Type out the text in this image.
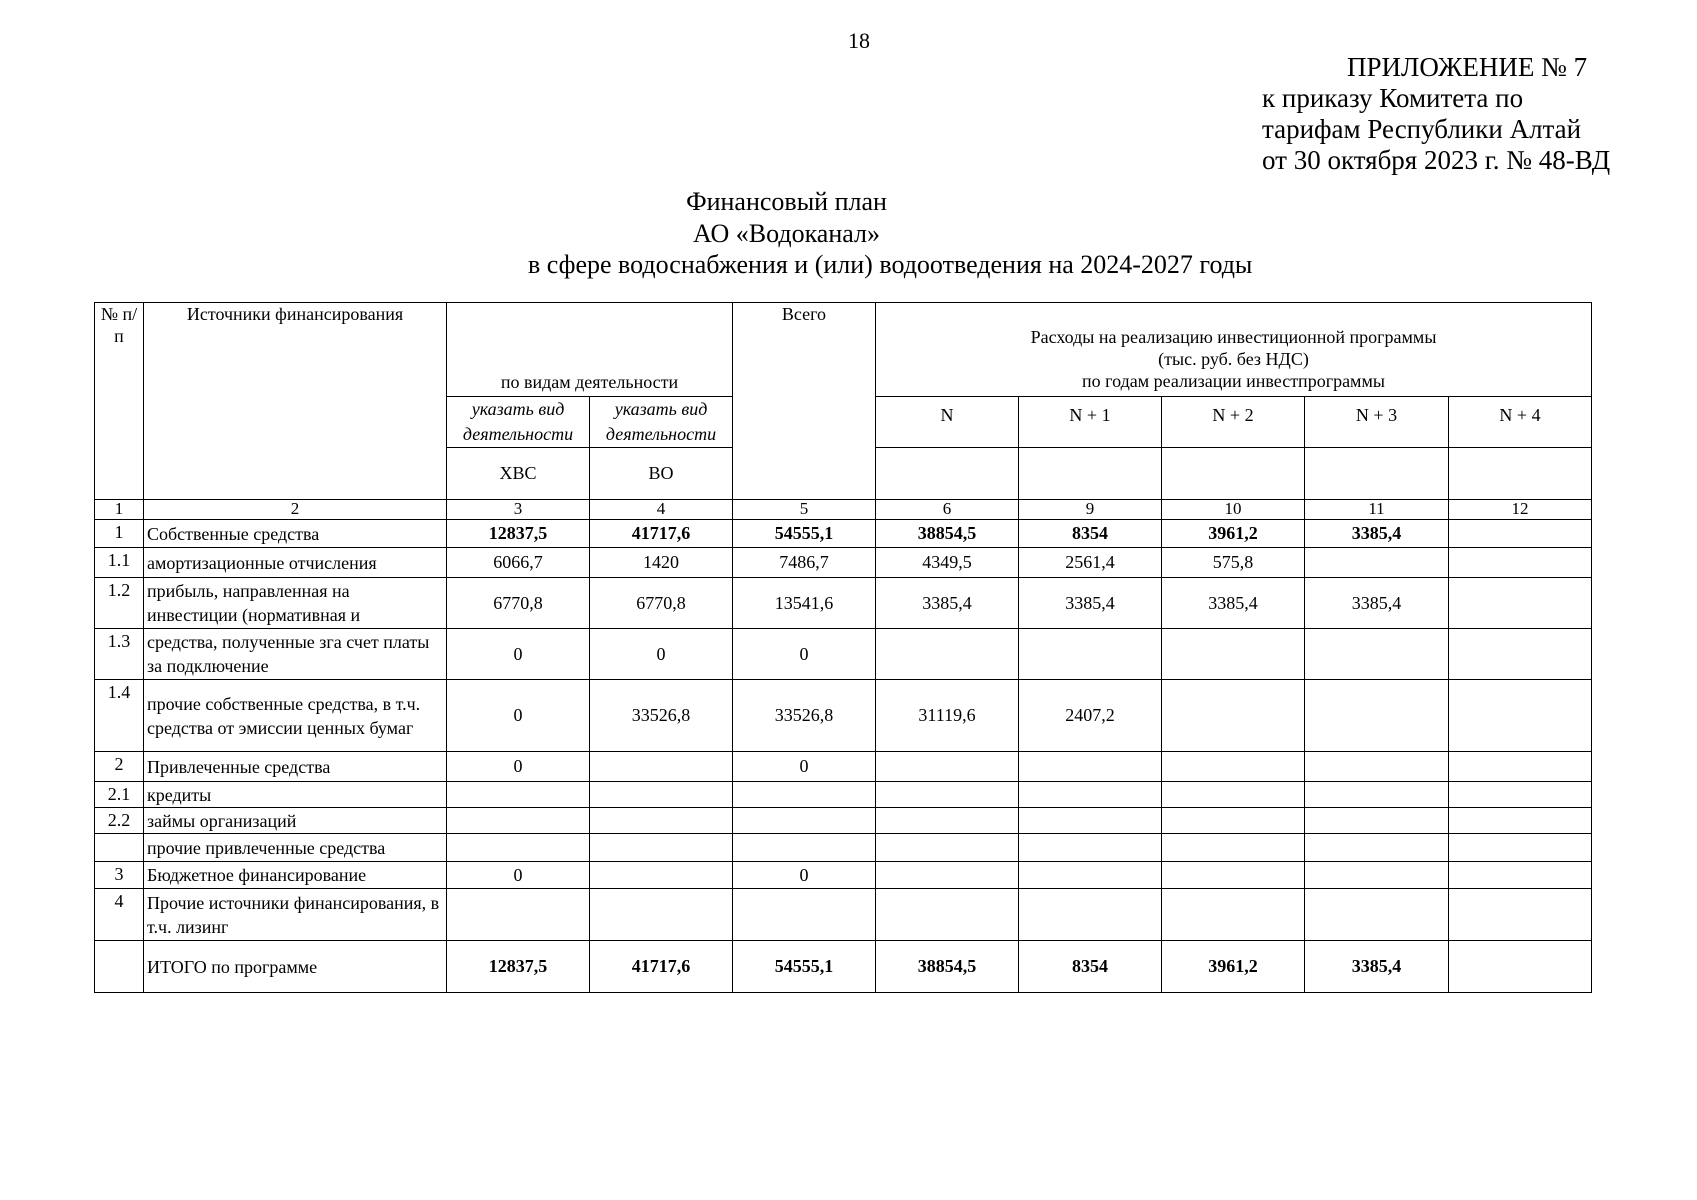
18
ПРИЛОЖЕНИЕ № 7
к приказу Комитета по
тарифам Республики Алтай
от 30 октября 2023 г. № 48-ВД
Финансовый план
АО «Водоканал»
в сфере водоснабжения и (или) водоотведения на 2024-2027 годы
№ п/п	Источники финансирования	по видам деятельности		Всего	Расходы на реализацию инвестиционной программы
(тыс. руб. без НДС)
по годам реализации инвестпрограммы				

		указать вид деятельности	указать вид деятельности		N	N + 1	N + 2	N + 3	N + 4
		ХВС	ВО						
1	2	3	4	5	6	9	10	11	12
1	Собственные средства	12837,5	41717,6	54555,1	38854,5	8354	3961,2	3385,4	
1.1	амортизационные отчисления	6066,7	1420	7486,7	4349,5	2561,4	575,8		
1.2	прибыль, направленная на инвестиции (нормативная и	6770,8	6770,8	13541,6	3385,4	3385,4	3385,4	3385,4	
1.3	средства, полученные зга счет платы за подключение	0	0	0					
1.4	прочие собственные средства, в т.ч. средства от эмиссии ценных бумаг	0	33526,8	33526,8	31119,6	2407,2			
2	Привлеченные средства	0		0					
2.1	кредиты								
2.2	займы организаций								
	прочие привлеченные средства								
3	Бюджетное финансирование	0		0					
4	Прочие источники финансирования, в т.ч. лизинг								
	ИТОГО по программе	12837,5	41717,6	54555,1	38854,5	8354	3961,2	3385,4	
